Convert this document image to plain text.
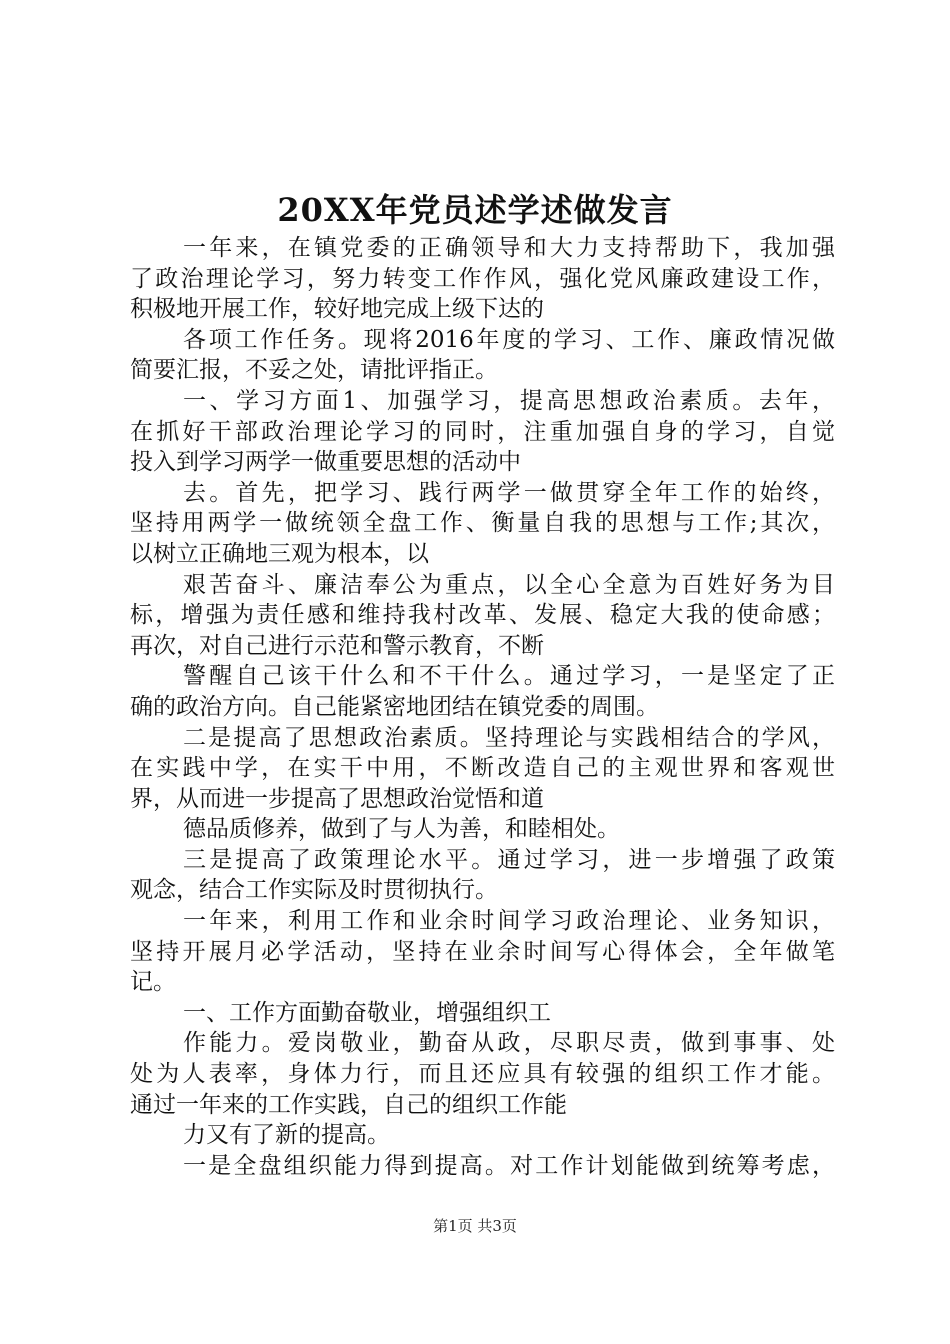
20XX年党员述学述做发言
一年来，在镇党委的正确领导和大力支持帮助下，我加强
了政治理论学习，努力转变工作作风，强化党风廉政建设工作，
积极地开展工作，较好地完成上级下达的
各项工作任务。现将2016年度的学习、工作、廉政情况做
简要汇报，不妥之处，请批评指正。
一、学习方面1、加强学习，提高思想政治素质。去年，
在抓好干部政治理论学习的同时，注重加强自身的学习，自觉
投入到学习两学一做重要思想的活动中
去。首先，把学习、践行两学一做贯穿全年工作的始终，
坚持用两学一做统领全盘工作、衡量自我的思想与工作;其次，
以树立正确地三观为根本，以
艰苦奋斗、廉洁奉公为重点，以全心全意为百姓好务为目
标，增强为责任感和维持我村改革、发展、稳定大我的使命感；
再次，对自己进行示范和警示教育，不断
警醒自己该干什么和不干什么。通过学习，一是坚定了正
确的政治方向。自己能紧密地团结在镇党委的周围。
二是提高了思想政治素质。坚持理论与实践相结合的学风，
在实践中学，在实干中用，不断改造自己的主观世界和客观世
界，从而进一步提高了思想政治觉悟和道
德品质修养，做到了与人为善，和睦相处。
三是提高了政策理论水平。通过学习，进一步增强了政策
观念，结合工作实际及时贯彻执行。
一年来，利用工作和业余时间学习政治理论、业务知识，
坚持开展月必学活动，坚持在业余时间写心得体会，全年做笔
记。
一、工作方面勤奋敬业，增强组织工
作能力。爱岗敬业，勤奋从政，尽职尽责，做到事事、处
处为人表率，身体力行，而且还应具有较强的组织工作才能。
通过一年来的工作实践，自己的组织工作能
力又有了新的提高。
一是全盘组织能力得到提高。对工作计划能做到统筹考虑，
第1页 共3页
